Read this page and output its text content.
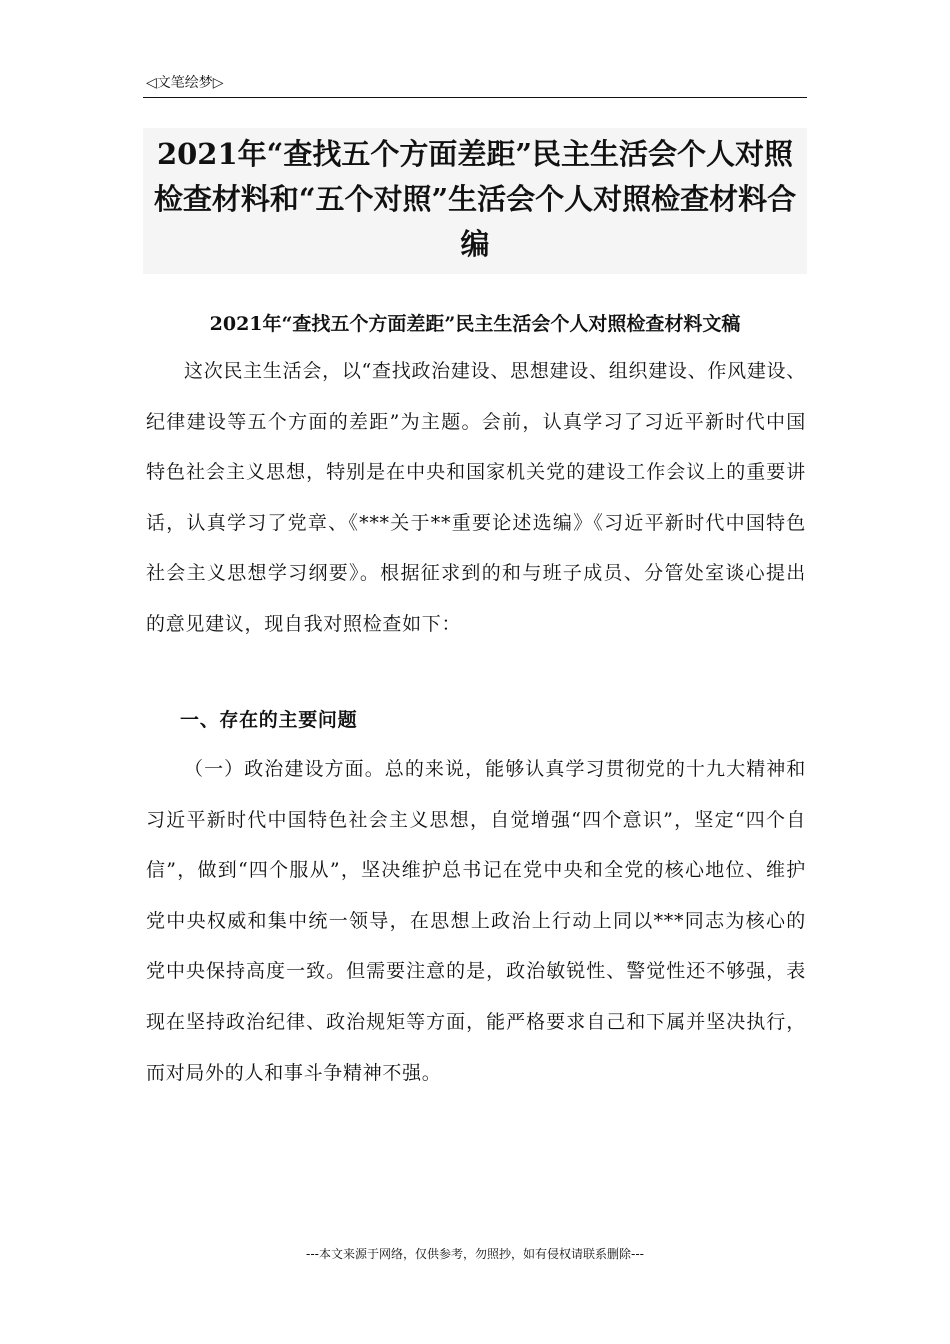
◁文笔绘梦▷
2021年“查找五个方面差距”民主生活会个人对照检查材料和“五个对照”生活会个人对照检查材料合编
2021年“查找五个方面差距”民主生活会个人对照检查材料文稿

这次民主生活会，以“查找政治建设、思想建设、组织建设、作风建设、纪律建设等五个方面的差距”为主题。会前，认真学习了习近平新时代中国特色社会主义思想，特别是在中央和国家机关党的建设工作会议上的重要讲话，认真学习了党章、《***关于**重要论述选编》《习近平新时代中国特色社会主义思想学习纲要》。根据征求到的和与班子成员、分管处室谈心提出的意见建议，现自我对照检查如下：

一、存在的主要问题

（一）政治建设方面。总的来说，能够认真学习贯彻党的十九大精神和习近平新时代中国特色社会主义思想，自觉增强“四个意识”，坚定“四个自信”，做到“四个服从”，坚决维护总书记在党中央和全党的核心地位、维护党中央权威和集中统一领导，在思想上政治上行动上同以***同志为核心的党中央保持高度一致。但需要注意的是，政治敏锐性、警觉性还不够强，表现在坚持政治纪律、政治规矩等方面，能严格要求自己和下属并坚决执行，而对局外的人和事斗争精神不强。

---本文来源于网络，仅供参考，勿照抄，如有侵权请联系删除---
